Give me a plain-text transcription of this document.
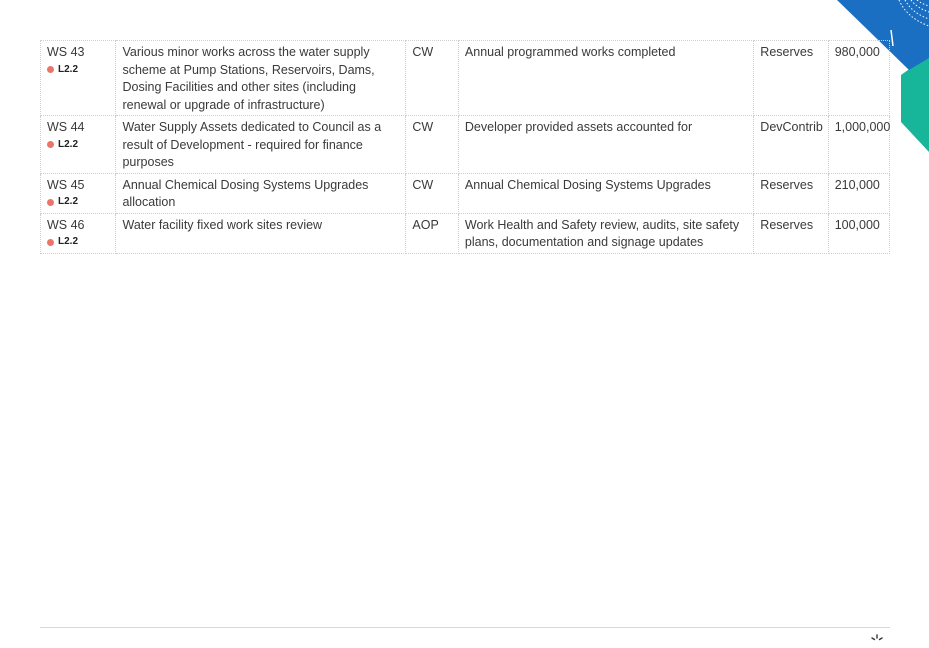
WS 43
L2.2	Various minor works across the water supply scheme at Pump Stations, Reservoirs, Dams, Dosing Facilities and other sites (including renewal or upgrade of infrastructure)	CW	Annual programmed works completed	Reserves	980,000

WS 44
L2.2	Water Supply Assets dedicated to Council as a result of Development - required for finance purposes	CW	Developer provided assets accounted for	DevContrib	1,000,000

WS 45
L2.2	Annual Chemical Dosing Systems Upgrades allocation	CW	Annual Chemical Dosing Systems Upgrades	Reserves	210,000

WS 46
L2.2	Water facility fixed work sites review	AOP	Work Health and Safety review, audits, site safety plans, documentation and signage updates	Reserves	100,000
